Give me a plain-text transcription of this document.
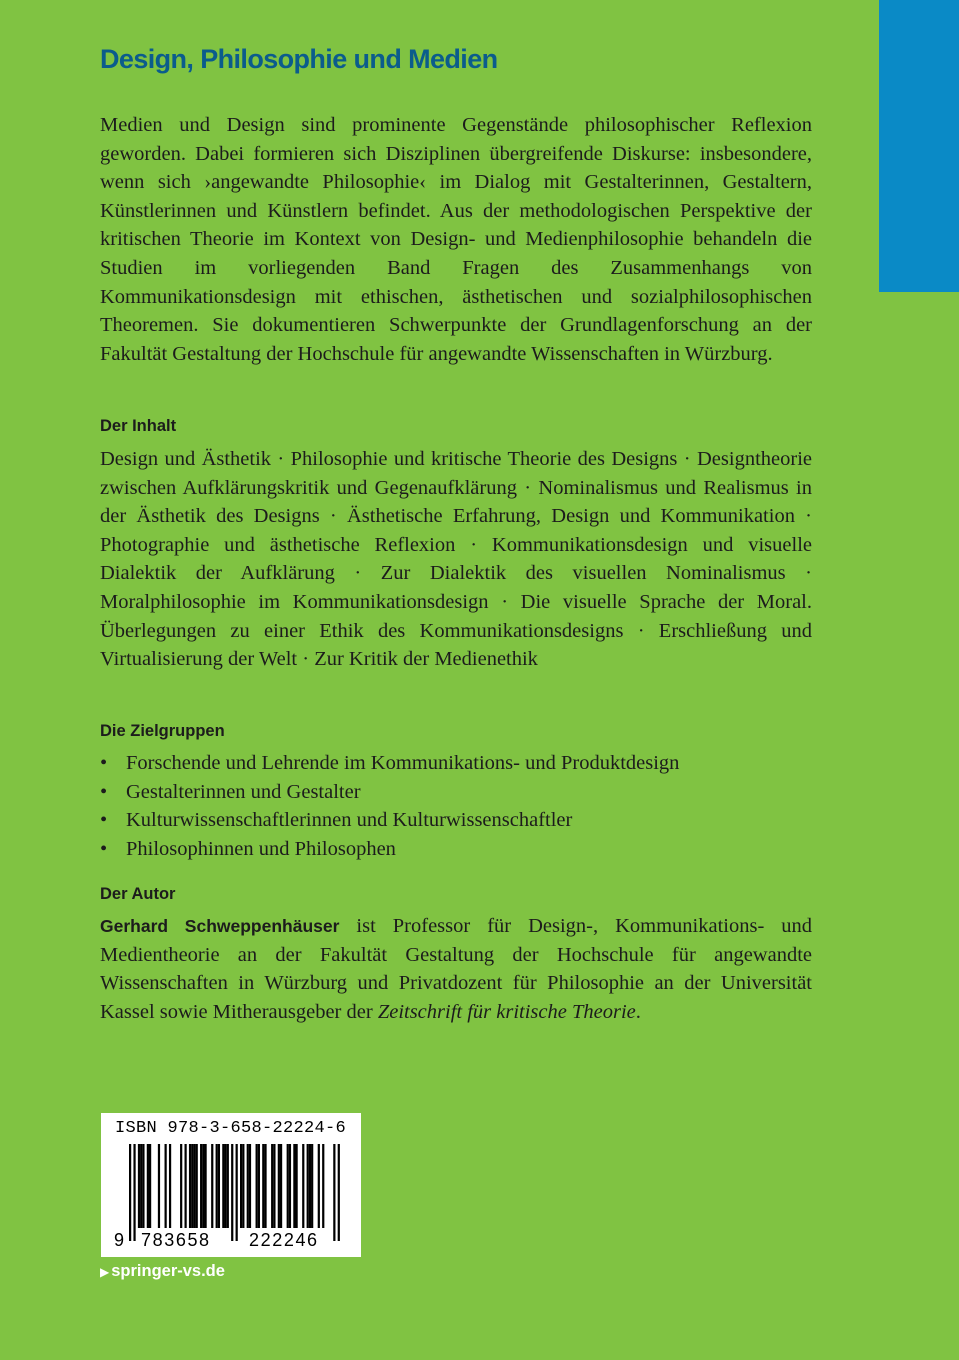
Design, Philosophie und Medien

Medien und Design sind prominente Gegenstände philosophischer Reflexion geworden. Dabei formieren sich Disziplinen übergreifende Diskurse: insbesondere, wenn sich ›angewandte Philosophie‹ im Dialog mit Gestalterinnen, Gestaltern, Künstlerinnen und Künstlern befindet. Aus der methodologischen Perspektive der kritischen Theorie im Kontext von Design- und Medienphilosophie behandeln die Studien im vorliegenden Band Fragen des Zusammenhangs von Kommunikationsdesign mit ethischen, ästhetischen und sozialphilosophischen Theoremen. Sie dokumentieren Schwerpunkte der Grundlagenforschung an der Fakultät Gestaltung der Hochschule für angewandte Wissenschaften in Würzburg.

Der Inhalt

Design und Ästhetik · Philosophie und kritische Theorie des Designs · Designtheorie zwischen Aufklärungskritik und Gegenaufklärung · Nominalismus und Realismus in der Ästhetik des Designs · Ästhetische Erfahrung, Design und Kommunikation · Photographie und ästhetische Reflexion · Kommunikationsdesign und visuelle Dialektik der Aufklärung · Zur Dialektik des visuellen Nominalismus · Moralphilosophie im Kommunikationsdesign · Die visuelle Sprache der Moral. Überlegungen zu einer Ethik des Kommunikationsdesigns · Erschließung und Virtualisierung der Welt · Zur Kritik der Medienethik

Die Zielgruppen
• Forschende und Lehrende im Kommunikations- und Produktdesign
• Gestalterinnen und Gestalter
• Kulturwissenschaftlerinnen und Kulturwissenschaftler
• Philosophinnen und Philosophen
Der Autor

Gerhard Schweppenhäuser ist Professor für Design-, Kommunikations- und Medientheorie an der Fakultät Gestaltung der Hochschule für angewandte Wissenschaften in Würzburg und Privatdozent für Philosophie an der Universität Kassel sowie Mitherausgeber der Zeitschrift für kritische Theorie.

ISBN 978-3-658-22224-6
9 783658 222246
▶ springer-vs.de
